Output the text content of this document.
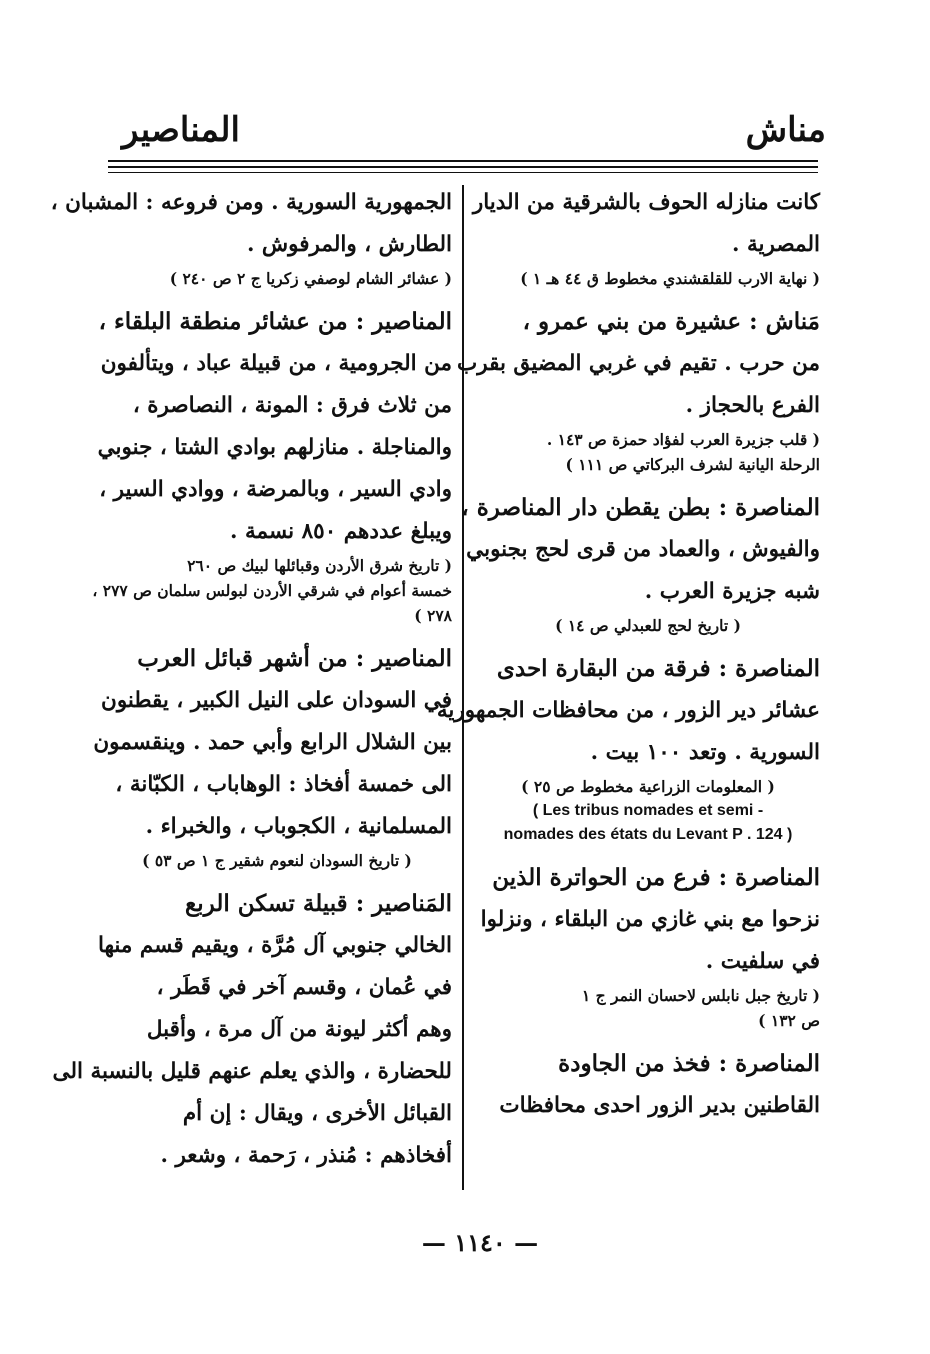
مناش
المناصير
كانت منازله الحوف بالشرقية من الديار
المصرية .
( نهاية الارب للقلقشندي مخطوط ق ٤٤ هـ ١ )
مَناش : عشيرة من بني عمرو ،
من حرب . تقيم في غربي المضيق بقرب
الفرع بالحجاز .
( قلب جزيرة العرب لفؤاد حمزة ص ١٤٣ .
الرحلة اليانية لشرف البركاتي ص ١١١ )
المناصرة : بطن يقطن دار المناصرة ،
والفيوش ، والعماد من قرى لحج بجنوبي
شبه جزيرة العرب .
( تاريخ لحج للعبدلي ص ١٤ )
المناصرة : فرقة من البقارة احدى
عشائر دير الزور ، من محافظات الجمهورية
السورية . وتعد ١٠٠ بيت .
( المعلومات الزراعية مخطوط ص ٢٥ )
( Les tribus nomades et semi -
nomades des états du Levant P . 124 )
المناصرة : فرع من الحواترة الذين
نزحوا مع بني غازي من البلقاء ، ونزلوا
في سلفيت .
( تاريخ جبل نابلس لاحسان النمر ج ١
ص ١٣٢ )
المناصرة : فخذ من الجاودة
القاطنين بدير الزور احدى محافظات
الجمهورية السورية . ومن فروعه : المشبان ،
الطارش ، والمرفوش .
( عشائر الشام لوصفي زكريا ج ٢ ص ٢٤٠ )
المناصير : من عشائر منطقة البلقاء ،
من الجرومية ، من قبيلة عباد ، ويتألفون
من ثلاث فرق : المونة ، النصاصرة ،
والمناجلة . منازلهم بوادي الشتا ، جنوبي
وادي السير ، وبالمرضة ، ووادي السير ،
ويبلغ عددهم ٨٥٠ نسمة .
( تاريخ شرق الأردن وقبائلها لبيك ص ٢٦٠
خمسة أعوام في شرقي الأردن لبولس سلمان ص ٢٧٧ ،
٢٧٨ )
المناصير : من أشهر قبائل العرب
في السودان على النيل الكبير ، يقطنون
بين الشلال الرابع وأبي حمد . وينقسمون
الى خمسة أفخاذ : الوهاباب ، الكبّانة ،
المسلمانية ، الكجوباب ، والخبراء .
( تاريخ السودان لنعوم شقير ج ١ ص ٥٣ )
المَناصير : قبيلة تسكن الربع
الخالي جنوبي آل مُرَّة ، ويقيم قسم منها
في عُمان ، وقسم آخر في قَطَر ،
وهم أكثر ليونة من آل مرة ، وأقبل
للحضارة ، والذي يعلم عنهم قليل بالنسبة الى
القبائل الأخرى ، ويقال : إن أم
أفخاذهم : مُنذر ، رَحمة ، وشعر .
— ١١٤٠ —
